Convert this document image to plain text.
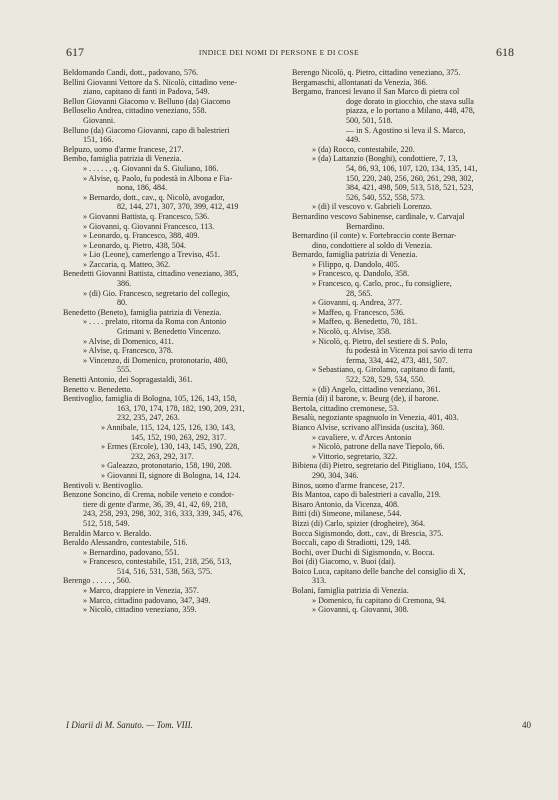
617	INDICE DEI NOMI DI PERSONE E DI COSE	618
Beldomando Candi, dott., padovano, 576.
Bellini Giovanni Vettore da S. Nicolò, cittadino vene-
ziano, capitano di fanti in Padova, 549.
Bellon Giovanni Giacomo v. Belluno (da) Giacomo
Belloselio Andrea, cittadino veneziano, 558.
Giovanni.
Belluno (da) Giacomo Giovanni, capo di balestrieri
151, 166.
Belpuzo, uomo d'arme francese, 217.
Bembo, famiglia patrizia di Venezia.
» . . . . . , q. Giovanni da S. Giuliano, 186.
» Alvise, q. Paolo, fu podestà in Albona e Fia-
nona, 186, 484.
» Bernardo, dott., cav., q. Nicolò, avogador,
82, 144, 271, 307, 370, 399, 412, 419
» Giovanni Battista, q. Francesco, 536.
» Giovanni, q. Giovanni Francesco, 113.
» Leonardo, q. Francesco, 388, 409.
» Leonardo, q. Pietro, 438, 504.
» Lio (Leone), camerlengo a Treviso, 451.
» Zaccaria, q. Matteo, 362.
Benedetti Giovanni Battista, cittadino veneziano, 385,
386.
» (di) Gio. Francesco, segretario del collegio,
80.
Benedetto (Beneto), famiglia patrizia di Venezia.
» . . . . prelato, ritorna da Roma con Antonio
Grimani v. Benedetto Vincenzo.
» Alvise, di Domenico, 411.
» Alvise, q. Francesco, 378.
» Vincenzo, di Domenico, protonotario, 480,
555.
Benetti Antonio, dei Sopragastaldi, 361.
Benetto v. Benedetto.
Bentivoglio, famiglia di Bologna, 105, 126, 143, 158,
163, 170, 174, 178, 182, 190, 209, 231,
232, 235, 247, 263.
» Annibale, 115, 124, 125, 126, 130, 143,
145, 152, 190, 263, 292, 317.
» Ermes (Ercole), 130, 143, 145, 190, 228,
232, 263, 292, 317.
» Galeazzo, protonotario, 158, 190, 208.
» Giovanni II, signore di Bologna, 14, 124.
Bentivoli v. Bentivoglio.
Benzone Soncino, di Crema, nobile veneto e condot-
tiere di gente d'arme, 36, 39, 41, 42, 69, 218,
243, 258, 293, 298, 302, 316, 333, 339, 345, 476,
512, 518, 549.
Beraldin Marco v. Beraldo.
Beraldo Alessandro, contestabile, 516.
» Bernardino, padovano, 551.
» Francesco, contestabile, 151, 218, 256, 513,
514, 516, 531, 538, 563, 575.
Berengo . . . . . , 560.
» Marco, drappiere in Venezia, 357.
» Marco, cittadino padovano, 347, 349.
» Nicolò, cittadino veneziano, 359.
Berengo Nicolò, q. Pietro, cittadino veneziano, 375.
Bergamaschi, allontanati da Venezia, 366.
Bergamo, francesi levano il San Marco di pietra col
doge dorato in giocchio, che stava sulla
piazza, e lo portano a Milano, 448, 478,
500, 501, 518.
— in S. Agostino si leva il S. Marco,
449.
» (da) Rocco, contestabile, 220.
» (da) Lattanzio (Bonghi), condottiere, 7, 13,
54, 86, 93, 106, 107, 120, 134, 135, 141,
150, 220, 240, 256, 260, 261, 298, 302,
384, 421, 498, 509, 513, 518, 521, 523,
526, 540, 552, 558, 573.
» (di) il vescovo v. Gabrieli Lorenzo.
Bernardino vescovo Sabinense, cardinale, v. Carvajal
Bernardino.
Bernardino (il conte) v. Fortebraccio conte Bernar-
dino, condottiere al soldo di Venezia.
Bernardo, famiglia patrizia di Venezia.
» Filippo, q. Dandolo, 405.
» Francesco, q. Dandolo, 358.
» Francesco, q. Carlo, proc., fu consigliere,
28, 565.
» Giovanni, q. Andrea, 377.
» Maffeo, q. Francesco, 536.
» Maffeo, q. Benedetto, 70, 181.
» Nicolò, q. Alvise, 358.
» Nicolò, q. Pietro, del sestiere di S. Polo,
fu podestà in Vicenza poi savio di terra
ferma, 334, 442, 473, 481, 507.
» Sebastiano, q. Girolamo, capitano di fanti,
522, 528, 529, 534, 550.
» (di) Angelo, cittadino veneziano, 361.
Bernia (di) il barone, v. Beurg (de), il barone.
Bertola, cittadino cremonese, 53.
Besalù, negoziante spagnuolo in Venezia, 401, 403.
Bianco Alvise, scrivano all'insida (uscita), 360.
» cavaliere, v. d'Arces Antonio
» Nicolò, patrone della nave Tiepolo, 66.
» Vittorio, segretario, 322.
Bibiena (di) Pietro, segretario del Pitigliano, 104, 155,
290, 304, 346.
Binos, uomo d'arme francese, 217.
Bis Mantoa, capo di balestrieri a cavallo, 219.
Bisaro Antonio, da Vicenza, 408.
Bitti (di) Simeone, milanese, 544.
Bizzi (di) Carlo, spizier (drogheire), 364.
Bocca Sigismondo, dott., cav., di Brescia, 375.
Boccali, capo di Stradiotti, 129, 148.
Bochi, over Duchi di Sigismondo, v. Bocca.
Boi (di) Giacomo, v. Buoi (dai).
Boico Luca, capitano delle banche del consiglio di X,
313.
Bolani, famiglia patrizia di Venezia.
» Domenico, fu capitano di Cremona, 94.
» Giovanni, q. Giovanni, 308.
I Diarii di M. Sanuto. — Tom. VIII.	40
